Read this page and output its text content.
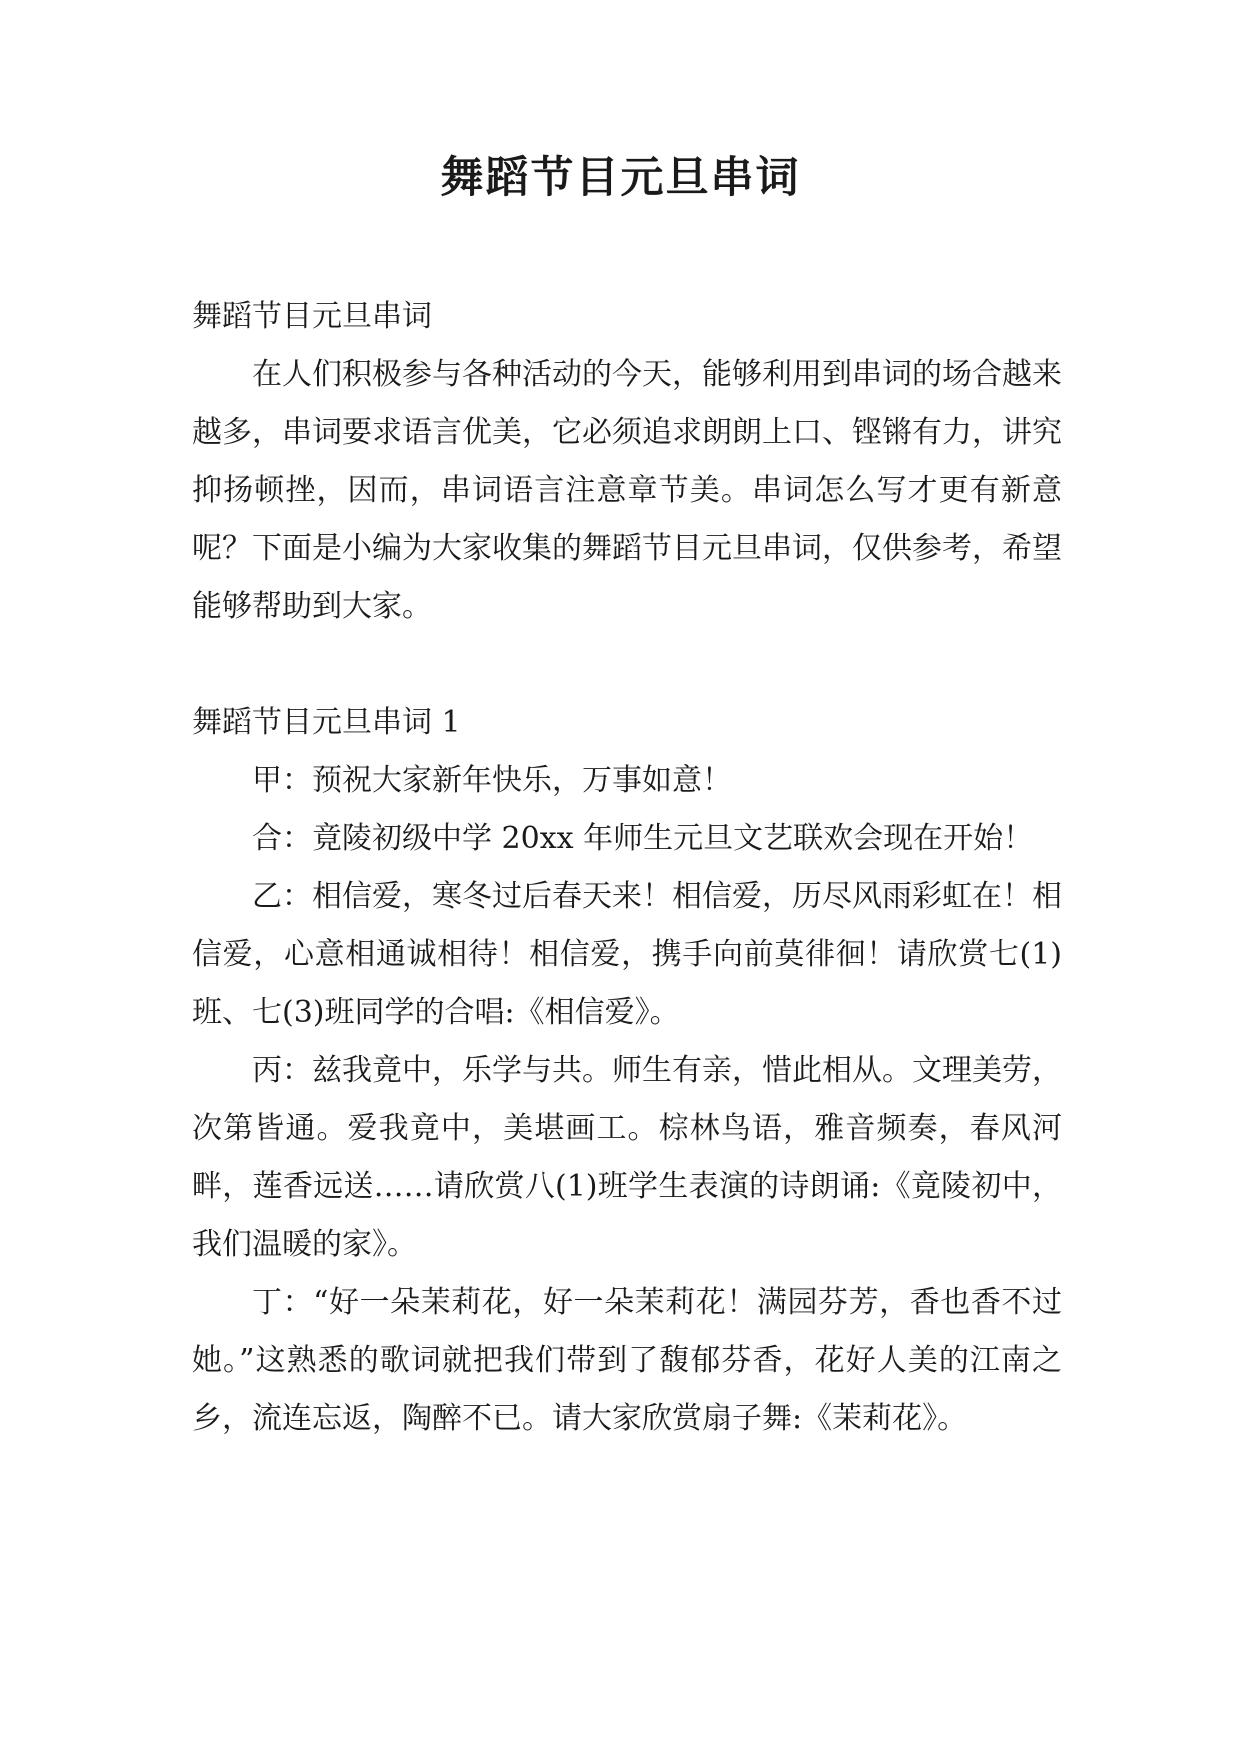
舞蹈节目元旦串词

舞蹈节目元旦串词

在人们积极参与各种活动的今天，能够利用到串词的场合越来越多，串词要求语言优美，它必须追求朗朗上口、铿锵有力，讲究抑扬顿挫，因而，串词语言注意章节美。串词怎么写才更有新意呢？下面是小编为大家收集的舞蹈节目元旦串词，仅供参考，希望能够帮助到大家。

舞蹈节目元旦串词 1

甲：预祝大家新年快乐，万事如意！

合：竟陵初级中学 20xx 年师生元旦文艺联欢会现在开始！

乙：相信爱，寒冬过后春天来！相信爱，历尽风雨彩虹在！相信爱，心意相通诚相待！相信爱，携手向前莫徘徊！请欣赏七(1)班、七(3)班同学的合唱:《相信爱》。

丙：兹我竟中，乐学与共。师生有亲，惜此相从。文理美劳，次第皆通。爱我竟中，美堪画工。棕林鸟语，雅音频奏，春风河畔，莲香远送……请欣赏八(1)班学生表演的诗朗诵:《竟陵初中，我们温暖的家》。

丁：“好一朵茉莉花，好一朵茉莉花！满园芬芳，香也香不过她。”这熟悉的歌词就把我们带到了馥郁芬香，花好人美的江南之乡，流连忘返，陶醉不已。请大家欣赏扇子舞:《茉莉花》。
